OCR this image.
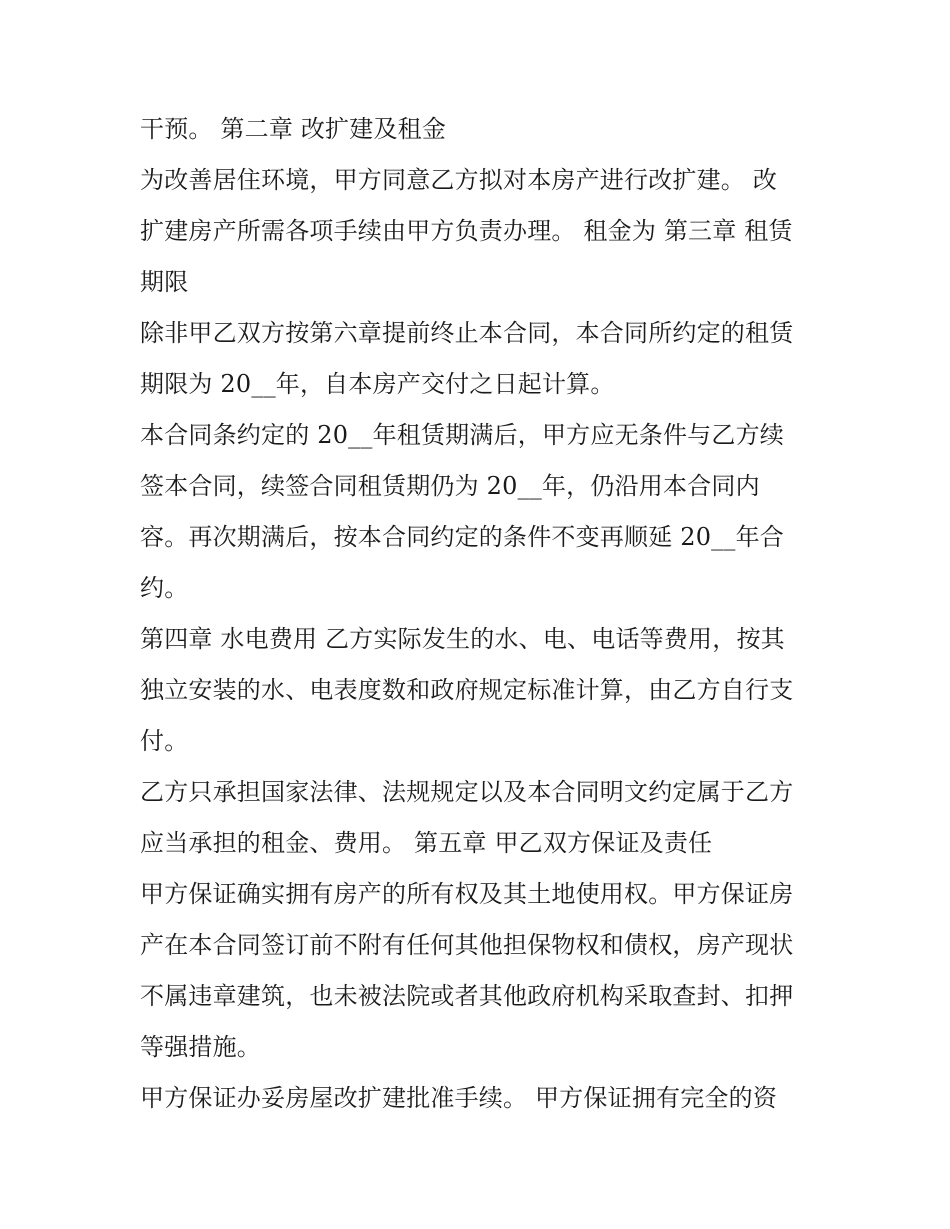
干预。 第二章 改扩建及租金
为改善居住环境，甲方同意乙方拟对本房产进行改扩建。 改
扩建房产所需各项手续由甲方负责办理。 租金为 第三章 租赁
期限
除非甲乙双方按第六章提前终止本合同，本合同所约定的租赁
期限为 20__年，自本房产交付之日起计算。
本合同条约定的 20__年租赁期满后，甲方应无条件与乙方续
签本合同，续签合同租赁期仍为 20__年，仍沿用本合同内
容。再次期满后，按本合同约定的条件不变再顺延 20__年合
约。
第四章 水电费用 乙方实际发生的水、电、电话等费用，按其
独立安装的水、电表度数和政府规定标准计算，由乙方自行支
付。
乙方只承担国家法律、法规规定以及本合同明文约定属于乙方
应当承担的租金、费用。 第五章 甲乙双方保证及责任
甲方保证确实拥有房产的所有权及其土地使用权。甲方保证房
产在本合同签订前不附有任何其他担保物权和债权，房产现状
不属违章建筑，也未被法院或者其他政府机构采取查封、扣押
等强措施。
甲方保证办妥房屋改扩建批准手续。 甲方保证拥有完全的资
